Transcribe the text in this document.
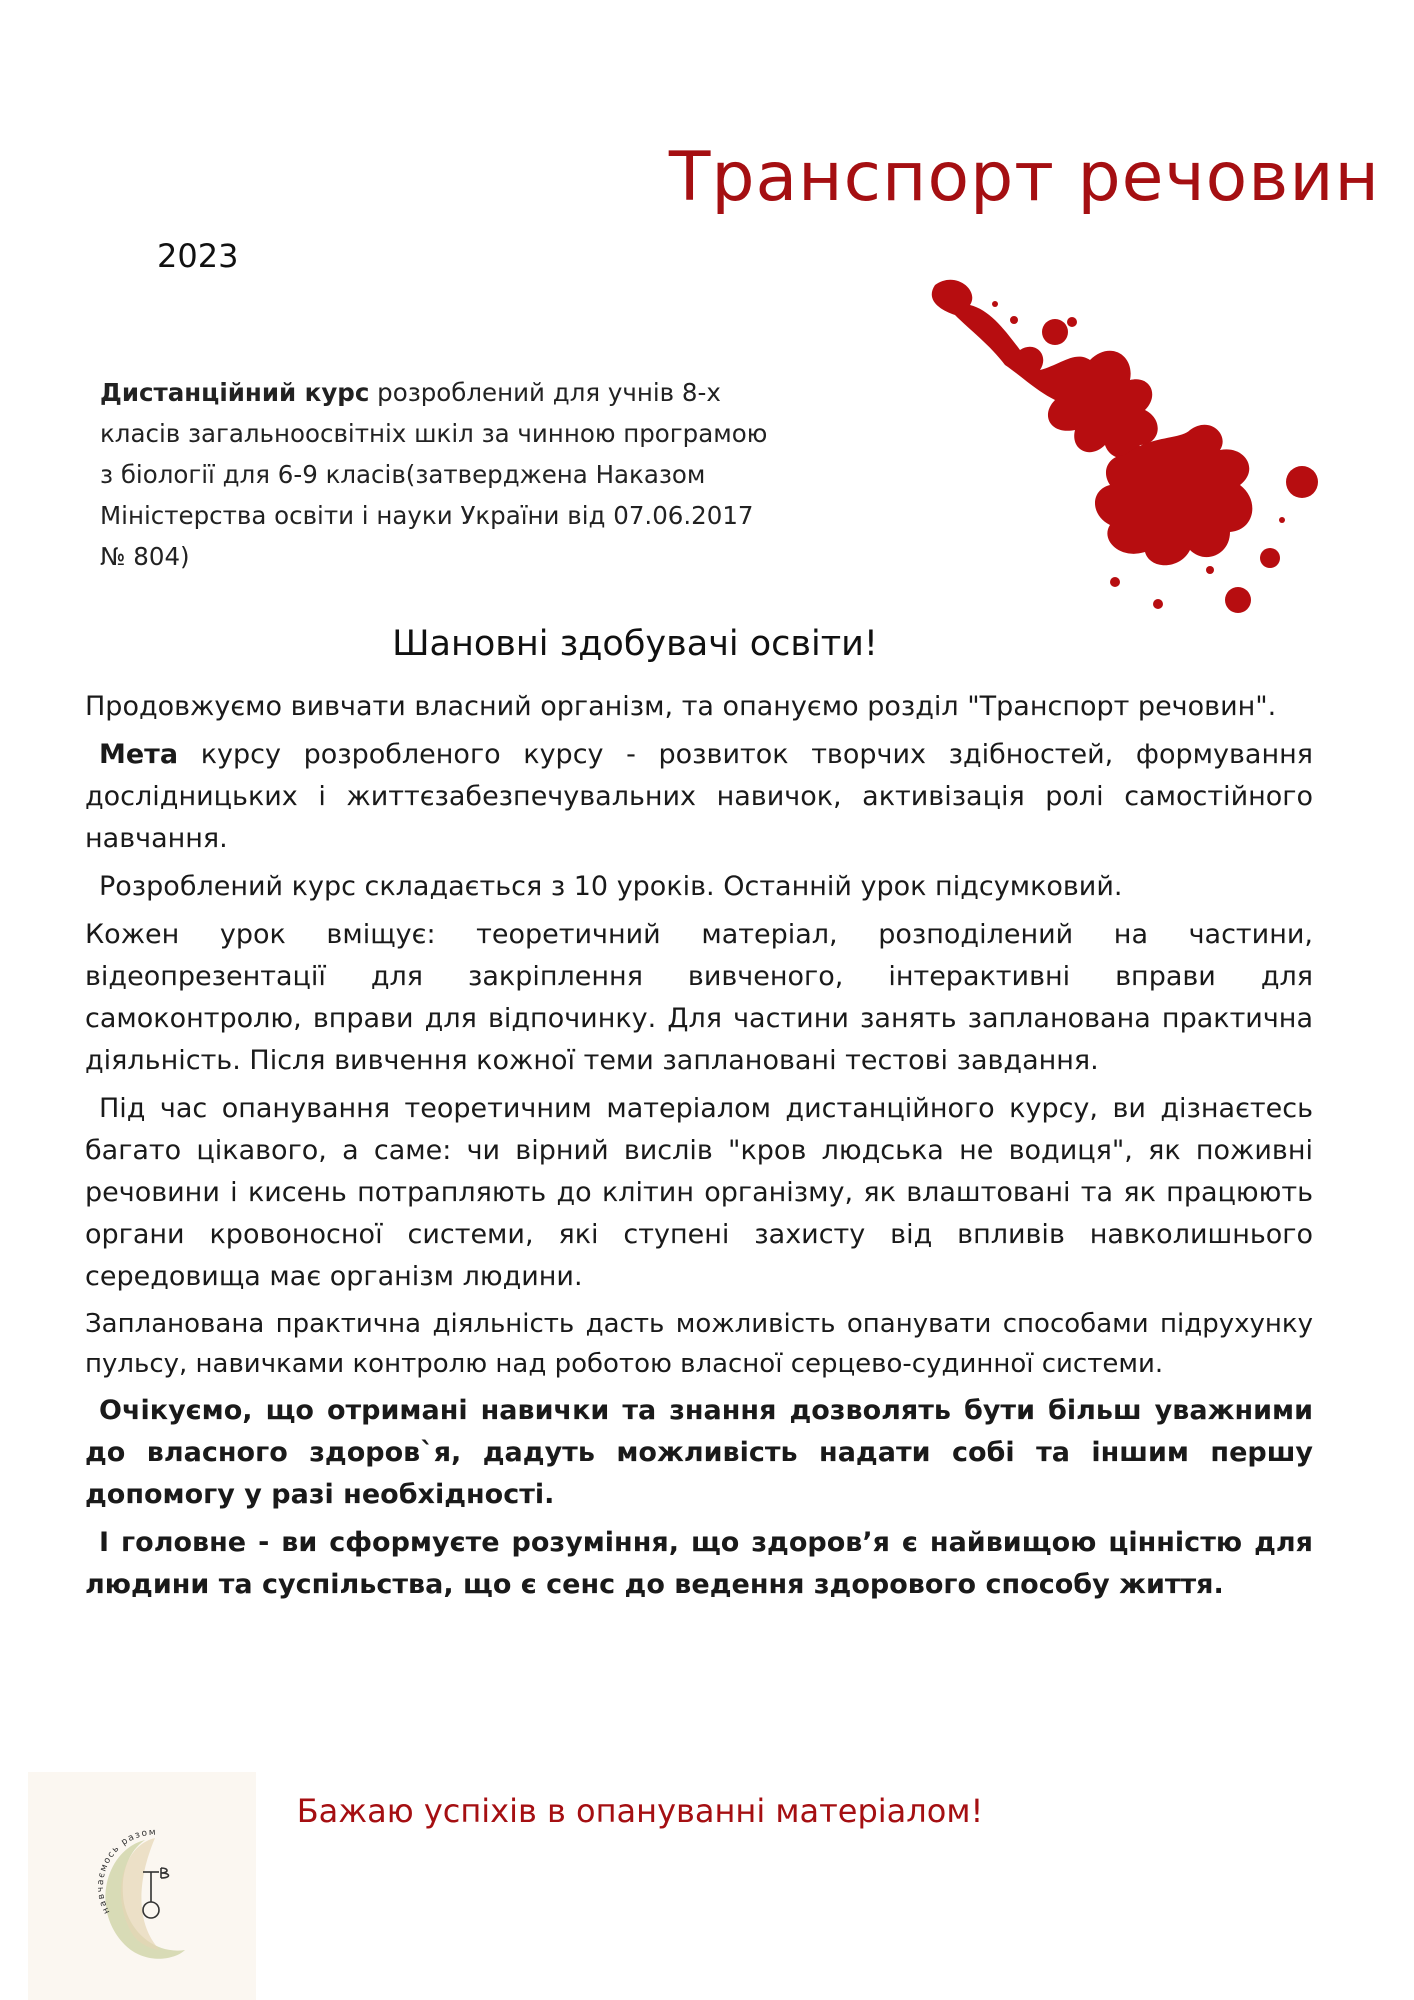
Транспорт речовин
2023
Дистанційний курс розроблений для учнів 8-х класів загальноосвітніх шкіл за чинною програмою з біології для 6-9 класів(затверджена Наказом Міністерства освіти і науки України від 07.06.2017 № 804)
Шановні здобувачі освіти!

Продовжуємо вивчати власний організм, та опануємо розділ "Транспорт речовин".

Мета курсу розробленого курсу - розвиток творчих здібностей, формування дослідницьких і життєзабезпечувальних навичок, активізація ролі самостійного навчання.

Розроблений курс складається з 10 уроків. Останній урок підсумковий.

Кожен урок вміщує: теоретичний матеріал, розподілений на частини, відеопрезентації для закріплення вивченого, інтерактивні вправи для самоконтролю, вправи для відпочинку. Для частини занять запланована практична діяльність. Після вивчення кожної теми заплановані тестові завдання.

Під час опанування теоретичним матеріалом дистанційного курсу, ви дізнаєтесь багато цікавого, а саме: чи вірний вислів "кров людська не водиця", як поживні речовини і кисень потрапляють до клітин організму, як влаштовані та як працюють органи кровоносної системи, які ступені захисту від впливів навколишнього середовища має організм людини.

Запланована практична діяльність дасть можливість опанувати способами підрухунку пульсу, навичками контролю над роботою власної серцево-судинної системи.

Очікуємо, що отримані навички та знання дозволять бути більш уважними до власного здоров`я, дадуть можливість надати собі та іншим першу допомогу у разі необхідності.

І головне - ви сформуєте розуміння, що здоров’я є найвищою цінністю для людини та суспільства, що є сенс до ведення здорового способу життя.

Бажаю успіхів в опануванні матеріалом!
навчаємось разом
